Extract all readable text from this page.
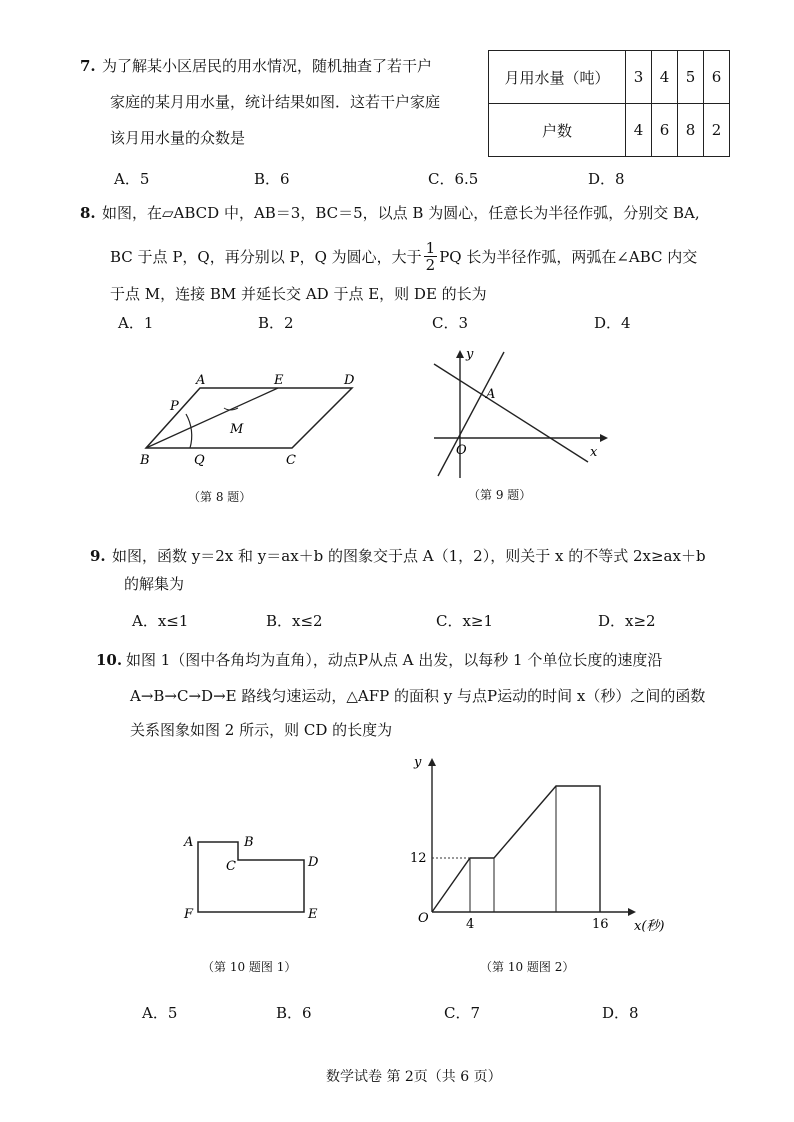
7. 为了解某小区居民的用水情况，随机抽查了若干户
家庭的某月用水量，统计结果如图．这若干户家庭
该月用水量的众数是
月用水量（吨）	3	4	5	6
户数	4	6	8	2
A．5	B．6	C．6.5	D．8
8. 如图，在▱ABCD 中，AB＝3，BC＝5，以点 B 为圆心，任意长为半径作弧，分别交 BA,
BC 于点 P，Q，再分别以 P，Q 为圆心，大于 $\frac{1}{2}$ PQ 长为半径作弧，两弧在∠ABC 内交
于点 M，连接 BM 并延长交 AD 于点 E，则 DE 的长为
A．1	B．2	C．3	D．4
A	E	D
P
M
B	Q	C
（第 8 题）
y
x
O
A
（第 9 题）
9. 如图，函数 y＝2x 和 y＝ax＋b 的图象交于点 A（1，2），则关于 x 的不等式 2x≥ax＋b
的解集为
A．x≤1	B．x≤2	C．x≥1	D．x≥2
10. 如图 1（图中各角均为直角），动点P从点 A 出发，以每秒 1 个单位长度的速度沿
A→B→C→D→E 路线匀速运动，△AFP 的面积 y 与点P运动的时间 x（秒）之间的函数
关系图象如图 2 所示，则 CD 的长度为
A	B
C	D
F	E
（第 10 题图 1）
y
12
O	4	16 x(秒)
（第 10 题图 2）
A．5	B．6	C．7	D．8
数学试卷 第 2页（共 6 页）
